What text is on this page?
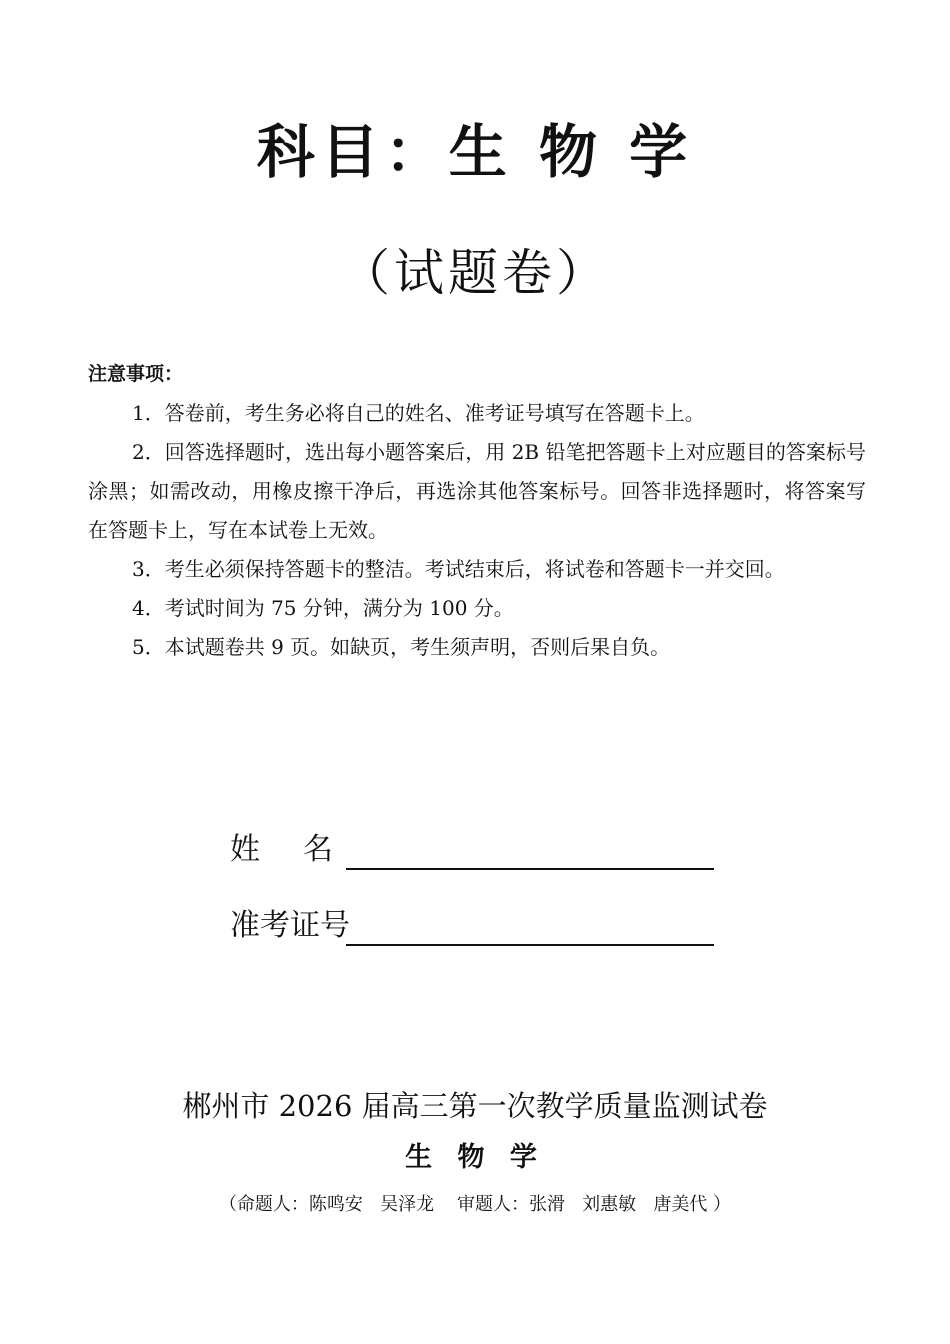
科目：生 物 学
（试题卷）
注意事项：
1．答卷前，考生务必将自己的姓名、准考证号填写在答题卡上。
2．回答选择题时，选出每小题答案后，用 2B 铅笔把答题卡上对应题目的答案标号涂黑；如需改动，用橡皮擦干净后，再选涂其他答案标号。回答非选择题时，将答案写在答题卡上，写在本试卷上无效。
3．考生必须保持答题卡的整洁。考试结束后，将试卷和答题卡一并交回。
4．考试时间为 75 分钟，满分为 100 分。
5．本试题卷共 9 页。如缺页，考生须声明，否则后果自负。
姓名
准考证号
郴州市 2026 届高三第一次教学质量监测试卷
生 物 学
（命题人：陈鸣安   吴泽龙    审题人：张滑   刘惠敏   唐美代 ）
